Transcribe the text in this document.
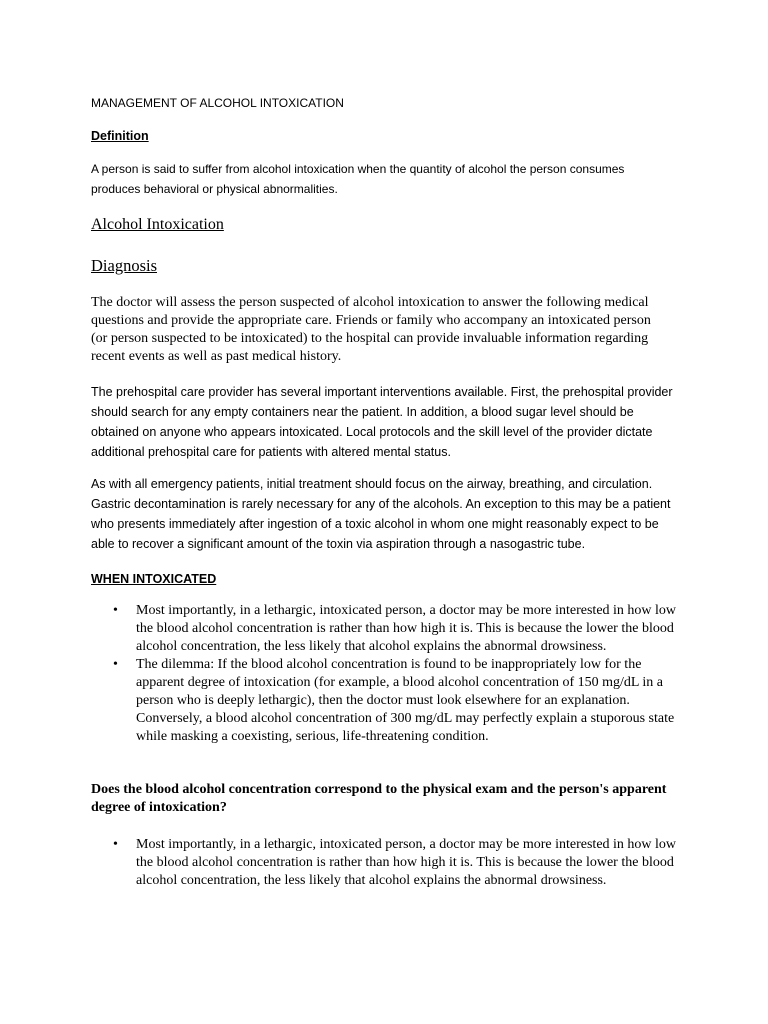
MANAGEMENT OF ALCOHOL INTOXICATION
Definition
A person is said to suffer from alcohol intoxication when the quantity of alcohol the person consumes produces behavioral or physical abnormalities.
Alcohol Intoxication
Diagnosis
The doctor will assess the person suspected of alcohol intoxication to answer the following medical questions and provide the appropriate care. Friends or family who accompany an intoxicated person (or person suspected to be intoxicated) to the hospital can provide invaluable information regarding recent events as well as past medical history.
The prehospital care provider has several important interventions available. First, the prehospital provider should search for any empty containers near the patient. In addition, a blood sugar level should be obtained on anyone who appears intoxicated. Local protocols and the skill level of the provider dictate additional prehospital care for patients with altered mental status.
As with all emergency patients, initial treatment should focus on the airway, breathing, and circulation. Gastric decontamination is rarely necessary for any of the alcohols. An exception to this may be a patient who presents immediately after ingestion of a toxic alcohol in whom one might reasonably expect to be able to recover a significant amount of the toxin via aspiration through a nasogastric tube.
WHEN INTOXICATED
• Most importantly, in a lethargic, intoxicated person, a doctor may be more interested in how low the blood alcohol concentration is rather than how high it is. This is because the lower the blood alcohol concentration, the less likely that alcohol explains the abnormal drowsiness.
• The dilemma: If the blood alcohol concentration is found to be inappropriately low for the apparent degree of intoxication (for example, a blood alcohol concentration of 150 mg/dL in a person who is deeply lethargic), then the doctor must look elsewhere for an explanation. Conversely, a blood alcohol concentration of 300 mg/dL may perfectly explain a stuporous state while masking a coexisting, serious, life-threatening condition.
Does the blood alcohol concentration correspond to the physical exam and the person's apparent degree of intoxication?
• Most importantly, in a lethargic, intoxicated person, a doctor may be more interested in how low the blood alcohol concentration is rather than how high it is. This is because the lower the blood alcohol concentration, the less likely that alcohol explains the abnormal drowsiness.
